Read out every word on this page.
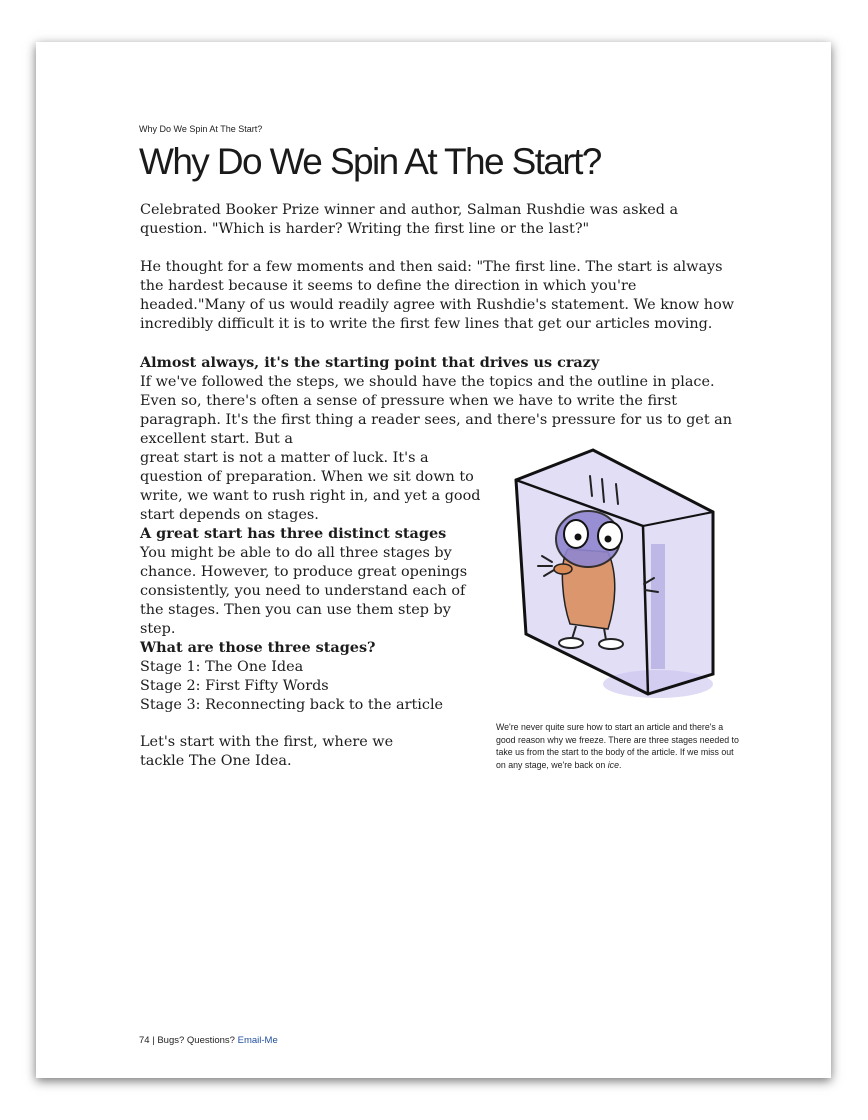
Why Do We Spin At The Start?
Why Do We Spin At The Start?

Celebrated Booker Prize winner and author, Salman Rushdie was asked a question. "Which is harder? Writing the first line or the last?"

He thought for a few moments and then said: "The first line. The start is always the hardest because it seems to define the direction in which you're headed."Many of us would readily agree with Rushdie's statement. We know how incredibly difficult it is to write the first few lines that get our articles moving.

Almost always, it's the starting point that drives us crazy

If we've followed the steps, we should have the topics and the outline in place. Even so, there's often a sense of pressure when we have to write the first paragraph. It's the first thing a reader sees, and there's pressure for us to get an excellent start. But a

great start is not a matter of luck. It's a question of preparation. When we sit down to write, we want to rush right in, and yet a good start depends on stages.

A great start has three distinct stages

You might be able to do all three stages by chance. However, to produce great openings consistently, you need to understand each of the stages. Then you can use them step by step.

What are those three stages?

Stage 1: The One Idea

Stage 2: First Fifty Words

Stage 3: Reconnecting back to the article

Let's start with the first, where we tackle The One Idea.

We're never quite sure how to start an article and there's a good reason why we freeze. There are three stages needed to take us from the start to the body of the article. If we miss out on any stage, we're back on ice.
74 | Bugs? Questions? Email-Me
